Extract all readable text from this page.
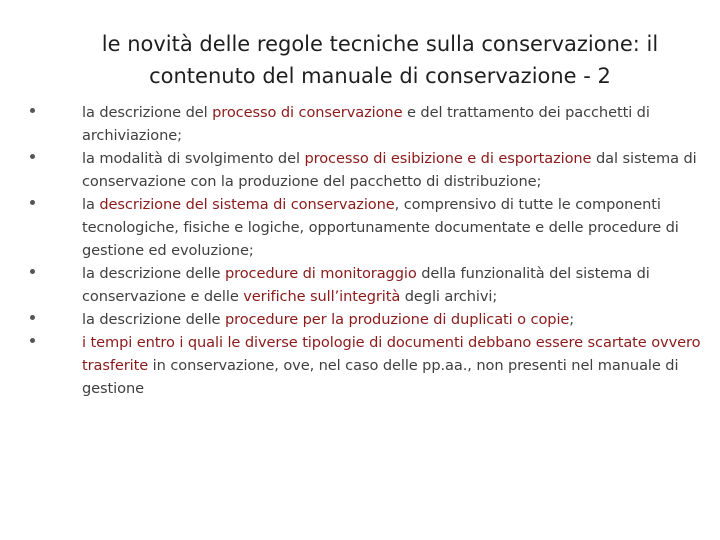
le novità delle regole tecniche sulla conservazione: il
contenuto del manuale di conservazione - 2
la descrizione del processo di conservazione e del trattamento dei pacchetti di archiviazione;
la modalità di svolgimento del processo di esibizione e di esportazione dal sistema di conservazione con la produzione del pacchetto di distribuzione;
la descrizione del sistema di conservazione, comprensivo di tutte le componenti tecnologiche, fisiche e logiche, opportunamente documentate e delle procedure di gestione ed evoluzione;
la descrizione delle procedure di monitoraggio della funzionalità del sistema di conservazione e delle verifiche sull’integrità degli archivi;
la descrizione delle procedure per la produzione di duplicati o copie;
i tempi entro i quali le diverse tipologie di documenti debbano essere scartate ovvero trasferite in conservazione, ove, nel caso delle pp.aa., non presenti nel manuale di gestione
